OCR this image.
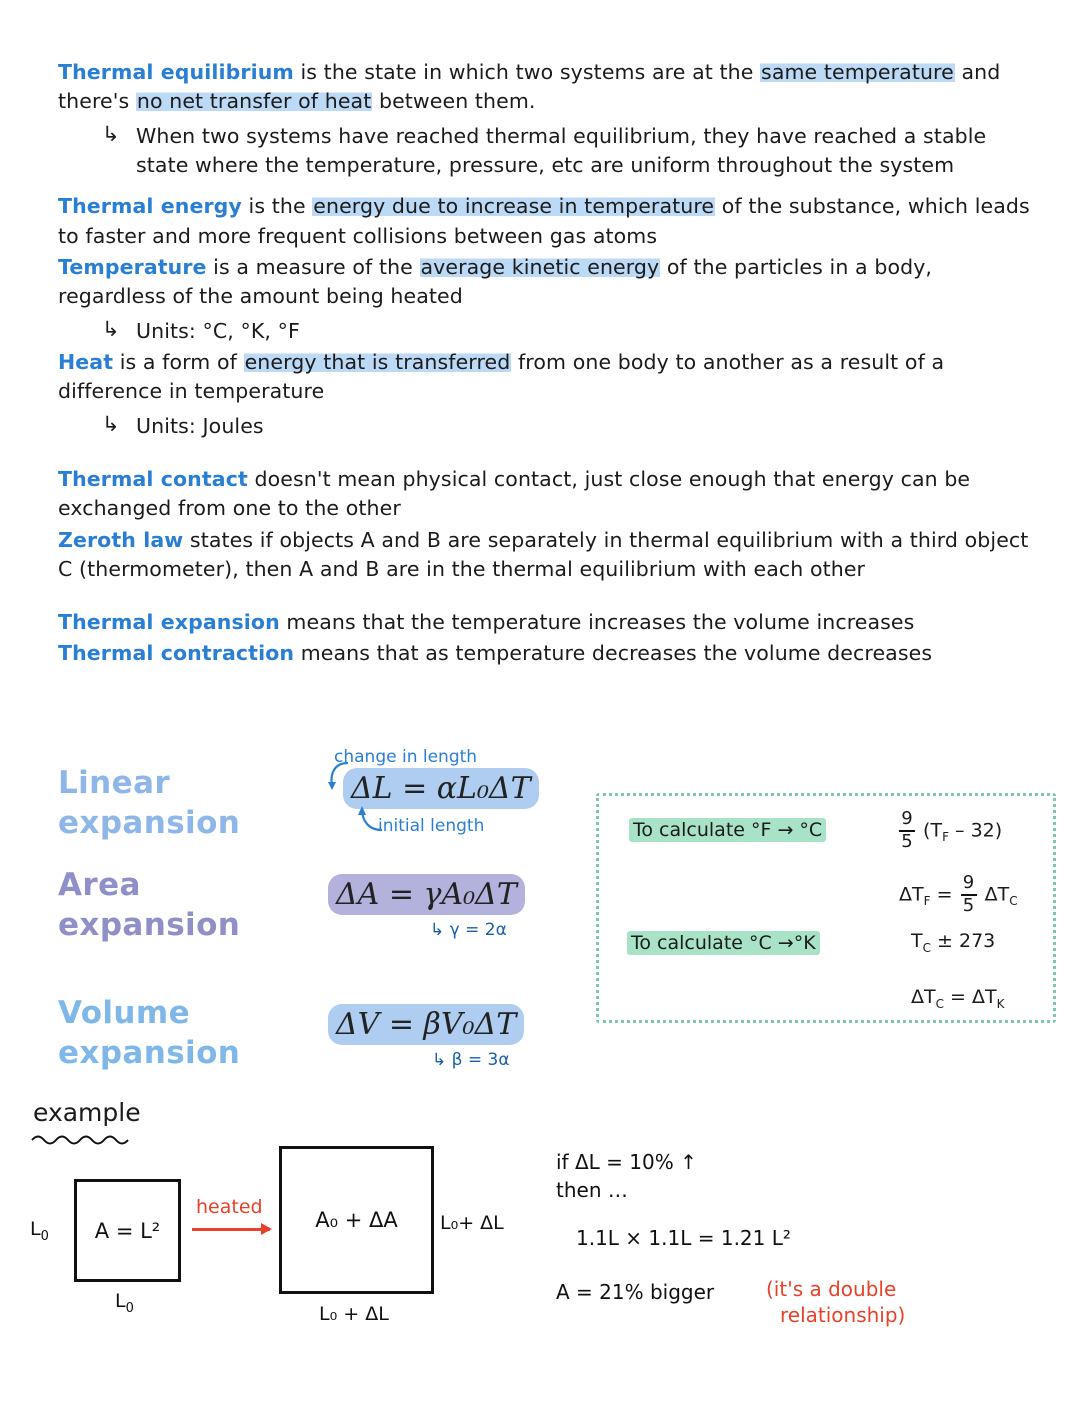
Thermal equilibrium is the state in which two systems are at the same temperature and there's no net transfer of heat between them.

↳ When two systems have reached thermal equilibrium, they have reached a stable state where the temperature, pressure, etc are uniform throughout the system

Thermal energy is the energy due to increase in temperature of the substance, which leads to faster and more frequent collisions between gas atoms

Temperature is a measure of the average kinetic energy of the particles in a body, regardless of the amount being heated

↳ Units: °C, °K, °F

Heat is a form of energy that is transferred from one body to another as a result of a difference in temperature

↳ Units: Joules

Thermal contact doesn't mean physical contact, just close enough that energy can be exchanged from one to the other

Zeroth law states if objects A and B are separately in thermal equilibrium with a third object C (thermometer), then A and B are in the thermal equilibrium with each other

Thermal expansion means that the temperature increases the volume increases

Thermal contraction means that as temperature decreases the volume decreases

Linear
expansion
change in length
ΔL = αL₀ΔT
initial length
Area
expansion
ΔA = γA₀ΔT
↳ γ = 2α
Volume
expansion
ΔV = βV₀ΔT
↳ β = 3α
To calculate °F → °C	$\frac{9}{5} (T_F - 32)$
$\Delta T_F = \frac{9}{5} \Delta T_C$
To calculate °C →°K	$T_C \pm 273$
$\Delta T_C = \Delta T_K$
example
A = L²
$L_0$
$L_0$
heated
A₀ + ΔA L₀+ ΔL
L₀ + ΔL
if ΔL = 10% ↑
then …
1.1L × 1.1L = 1.21 L²
A = 21% bigger	(it's a double
relationship)
